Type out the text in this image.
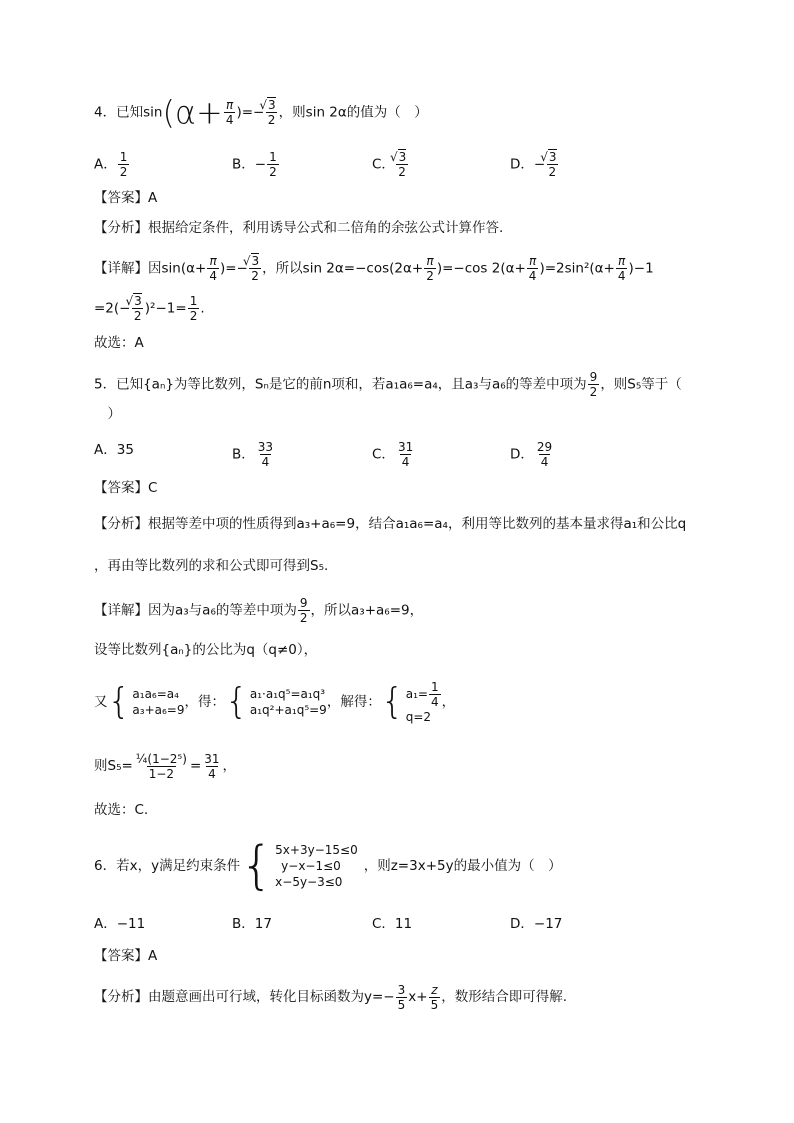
4．已知$\sin(\alpha+ \frac{\pi}{4}$ )=− √ $\frac{3}{2}$ ，则sin 2α的值为（　）
A． $\frac{1}{2}$	B．− $\frac{1}{2}$	C． √ $\frac{3}{2}$	D．− √ $\frac{3}{2}$
【答案】A
【分析】根据给定条件，利用诱导公式和二倍角的余弦公式计算作答.
【详解】因$\sin(\alpha+ \frac{\pi}{4}$ )=− √ $\frac{3}{2}$ ，所以$\sin 2\alpha=-\cos(2\alpha+ \frac{\pi}{2} )=-\cos$ $2(\alpha+ \frac{\pi}{4} )=2\sin^2(\alpha+ \frac{\pi}{4} )-1$
=2(− √ $\frac{3}{2} )^2-1= \frac{1}{2}$ .
故选：A
5．已知{aₙ}为等比数列，Sₙ是它的前n项和，若a₁a₆=a₄，且a₃与a₆的等差中项为 $\frac{9}{2}$ ，则S₅等于（
　）
A．35	B． $\frac{33}{4}$	C． $\frac{31}{4}$	D． $\frac{29}{4}$
【答案】C
【分析】根据等差中项的性质得到a₃+a₆=9，结合a₁a₆=a₄，利用等比数列的基本量求得a₁和公比q
，再由等比数列的求和公式即可得到S₅.
【详解】因为a₃与a₆的等差中项为 $\frac{9}{2}$ ，所以a₃+a₆=9，
设等比数列{aₙ}的公比为q（q≠0），
又 { a₁a₆=a₄
a₃+a₆=9 ，得： { a₁·a₁q⁵=a₁q³
a₁q²+a₁q⁵=9 ，解得： { $a_1= \frac{1}{4}$
q=2
，
则 $S_5= \frac{\text{¼(1−2⁵)}}{1-2} = \frac{31}{4}$ ，
故选：C.
6．若x，y满足约束条件 { 5x+3y−15≤0
y−x−1≤0
x−5y−3≤0
，则z=3x+5y的最小值为（　）
A．−11	B．17	C．11	D．−17
【答案】A
【分析】由题意画出可行域，转化目标函数为$y=- \frac{3}{5} x+ \frac{z}{5}$ ，数形结合即可得解.
